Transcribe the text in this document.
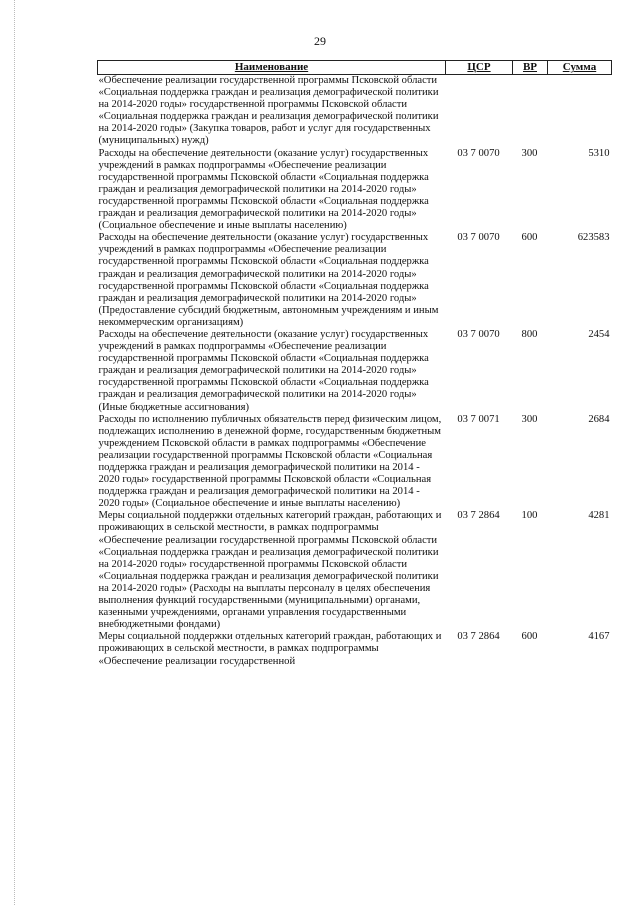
29
Наименование	ЦСР	ВР	Сумма
«Обеспечение реализации государственной программы Псковской области «Социальная поддержка граждан и реализация демографической политики на 2014-2020 годы» государственной программы Псковской области «Социальная поддержка граждан и реализация демографической политики на 2014-2020 годы» (Закупка товаров, работ и услуг для государственных (муниципальных) нужд)			
Расходы на обеспечение деятельности (оказание услуг) государственных учреждений в рамках подпрограммы «Обеспечение реализации государственной программы Псковской области «Социальная поддержка граждан и реализация демографической политики на 2014-2020 годы» государственной программы Псковской области «Социальная поддержка граждан и реализация демографической политики на 2014-2020 годы» (Социальное обеспечение и иные выплаты населению)	03 7 0070	300	5310
Расходы на обеспечение деятельности (оказание услуг) государственных учреждений в рамках подпрограммы «Обеспечение реализации государственной программы Псковской области «Социальная поддержка граждан и реализация демографической политики на 2014-2020 годы» государственной программы Псковской области «Социальная поддержка граждан и реализация демографической политики на 2014-2020 годы» (Предоставление субсидий бюджетным, автономным учреждениям и иным некоммерческим организациям)	03 7 0070	600	623583
Расходы на обеспечение деятельности (оказание услуг) государственных учреждений в рамках подпрограммы «Обеспечение реализации государственной программы Псковской области «Социальная поддержка граждан и реализация демографической политики на 2014-2020 годы» государственной программы Псковской области «Социальная поддержка граждан и реализация демографической политики на 2014-2020 годы» (Иные бюджетные ассигнования)	03 7 0070	800	2454
Расходы по исполнению публичных обязательств перед физическим лицом, подлежащих исполнению в денежной форме, государственным бюджетным учреждением Псковской области в рамках подпрограммы «Обеспечение реализации государственной программы Псковской области «Социальная поддержка граждан и реализация демографической политики на 2014 - 2020 годы» государственной программы Псковской области «Социальная поддержка граждан и реализация демографической политики на 2014 - 2020 годы» (Социальное обеспечение и иные выплаты населению)	03 7 0071	300	2684
Меры социальной поддержки отдельных категорий граждан, работающих и проживающих в сельской местности, в рамках подпрограммы «Обеспечение реализации государственной программы Псковской области «Социальная поддержка граждан и реализация демографической политики на 2014-2020 годы» государственной программы Псковской области «Социальная поддержка граждан и реализация демографической политики на 2014-2020 годы» (Расходы на выплаты персоналу в целях обеспечения выполнения функций государственными (муниципальными) органами, казенными учреждениями, органами управления государственными внебюджетными фондами)	03 7 2864	100	4281
Меры социальной поддержки отдельных категорий граждан, работающих и проживающих в сельской местности, в рамках подпрограммы «Обеспечение реализации государственной	03 7 2864	600	4167
